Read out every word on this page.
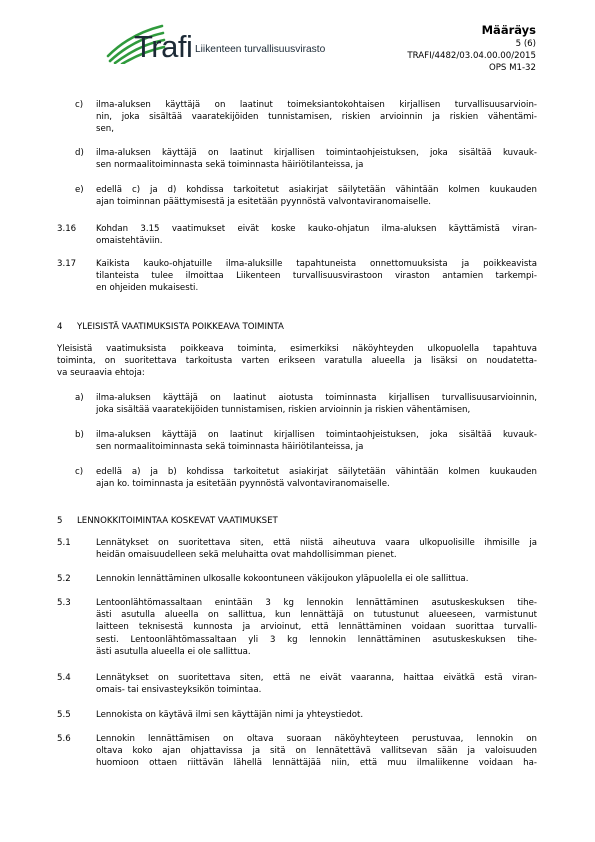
Trafi Liikenteen turvallisuusvirasto
Määräys
5 (6)
TRAFI/4482/03.04.00.00/2015
OPS M1-32
c) ilma-aluksen käyttäjä on laatinut toimeksiantokohtaisen kirjallisen turvallisuusarvioin-
nin, joka sisältää vaaratekijöiden tunnistamisen, riskien arvioinnin ja riskien vähentämi-
sen,
d) ilma-aluksen käyttäjä on laatinut kirjallisen toimintaohjeistuksen, joka sisältää kuvauk-
sen normaalitoiminnasta sekä toiminnasta häiriötilanteissa, ja
e) edellä c) ja d) kohdissa tarkoitetut asiakirjat säilytetään vähintään kolmen kuukauden
ajan toiminnan päättymisestä ja esitetään pyynnöstä valvontaviranomaiselle.
3.16 Kohdan 3.15 vaatimukset eivät koske kauko-ohjatun ilma-aluksen käyttämistä viran-
omaistehtäviin.
3.17 Kaikista kauko-ohjatuille ilma-aluksille tapahtuneista onnettomuuksista ja poikkeavista
tilanteista tulee ilmoittaa Liikenteen turvallisuusvirastoon viraston antamien tarkempi-
en ohjeiden mukaisesti.
4 YLEISISTÄ VAATIMUKSISTA POIKKEAVA TOIMINTA
Yleisistä vaatimuksista poikkeava toiminta, esimerkiksi näköyhteyden ulkopuolella tapahtuva
toiminta, on suoritettava tarkoitusta varten erikseen varatulla alueella ja lisäksi on noudatetta-
va seuraavia ehtoja:
a) ilma-aluksen käyttäjä on laatinut aiotusta toiminnasta kirjallisen turvallisuusarvioinnin,
joka sisältää vaaratekijöiden tunnistamisen, riskien arvioinnin ja riskien vähentämisen,
b) ilma-aluksen käyttäjä on laatinut kirjallisen toimintaohjeistuksen, joka sisältää kuvauk-
sen normaalitoiminnasta sekä toiminnasta häiriötilanteissa, ja
c) edellä a) ja b) kohdissa tarkoitetut asiakirjat säilytetään vähintään kolmen kuukauden
ajan ko. toiminnasta ja esitetään pyynnöstä valvontaviranomaiselle.
5 LENNOKKITOIMINTAA KOSKEVAT VAATIMUKSET
5.1	Lennätykset on suoritettava siten, että niistä aiheutuva vaara ulkopuolisille ihmisille ja
heidän omaisuudelleen sekä meluhaitta ovat mahdollisimman pienet.
5.2	Lennokin lennättäminen ulkosalle kokoontuneen väkijoukon yläpuolella ei ole sallittua.
5.3	Lentoonlähtömassaltaan enintään 3 kg lennokin lennättäminen asutuskeskuksen tihe-
ästi asutulla alueella on sallittua, kun lennättäjä on tutustunut alueeseen, varmistunut
laitteen teknisestä kunnosta ja arvioinut, että lennättäminen voidaan suorittaa turvalli-
sesti. Lentoonlähtömassaltaan yli 3 kg lennokin lennättäminen asutuskeskuksen tihe-
ästi asutulla alueella ei ole sallittua.
5.4	Lennätykset on suoritettava siten, että ne eivät vaaranna, haittaa eivätkä estä viran-
omais- tai ensivasteyksikön toimintaa.
5.5	Lennokista on käytävä ilmi sen käyttäjän nimi ja yhteystiedot.
5.6	Lennokin lennättämisen on oltava suoraan näköyhteyteen perustuvaa, lennokin on
oltava koko ajan ohjattavissa ja sitä on lennätettävä vallitsevan sään ja valoisuuden
huomioon ottaen riittävän lähellä lennättäjää niin, että muu ilmaliikenne voidaan ha-
